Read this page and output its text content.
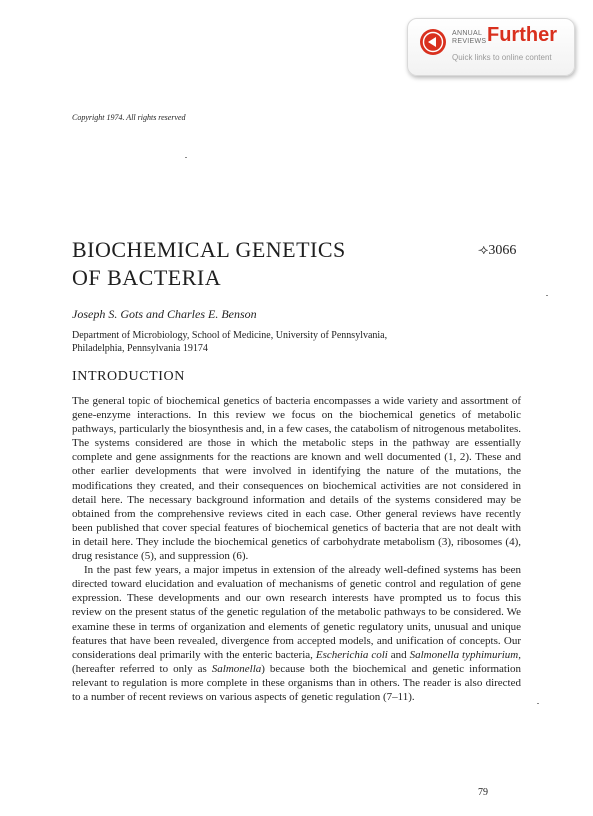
ANNUAL REVIEWS Further
Quick links to online content
Copyright 1974. All rights reserved
BIOCHEMICAL GENETICS
OF BACTERIA
⟢3066
Joseph S. Gots and Charles E. Benson
Department of Microbiology, School of Medicine, University of Pennsylvania,
Philadelphia, Pennsylvania 19174
INTRODUCTION

The general topic of biochemical genetics of bacteria encompasses a wide variety and assortment of gene-enzyme interactions. In this review we focus on the biochemical genetics of metabolic pathways, particularly the biosynthesis and, in a few cases, the catabolism of nitrogenous metabolites. The systems considered are those in which the metabolic steps in the pathway are essentially complete and gene assignments for the reactions are known and well documented (1, 2). These and other earlier developments that were involved in identifying the nature of the mutations, the modifications they created, and their consequences on biochemical activities are not considered in detail here. The necessary background information and details of the systems considered may be obtained from the comprehensive reviews cited in each case. Other general reviews have recently been published that cover special features of biochemical genetics of bacteria that are not dealt with in detail here. They include the biochemical genetics of carbohydrate metabolism (3), ribosomes (4), drug resistance (5), and suppression (6).

In the past few years, a major impetus in extension of the already well-defined systems has been directed toward elucidation and evaluation of mechanisms of genetic control and regulation of gene expression. These developments and our own research interests have prompted us to focus this review on the present status of the genetic regulation of the metabolic pathways to be considered. We examine these in terms of organization and elements of genetic regulatory units, unusual and unique features that have been revealed, divergence from accepted models, and unification of concepts. Our considerations deal primarily with the enteric bacteria, Escherichia coli and Salmonella typhimurium, (hereafter referred to only as Salmonella) because both the biochemical and genetic information relevant to regulation is more complete in these organisms than in others. The reader is also directed to a number of recent reviews on various aspects of genetic regulation (7–11).

79
